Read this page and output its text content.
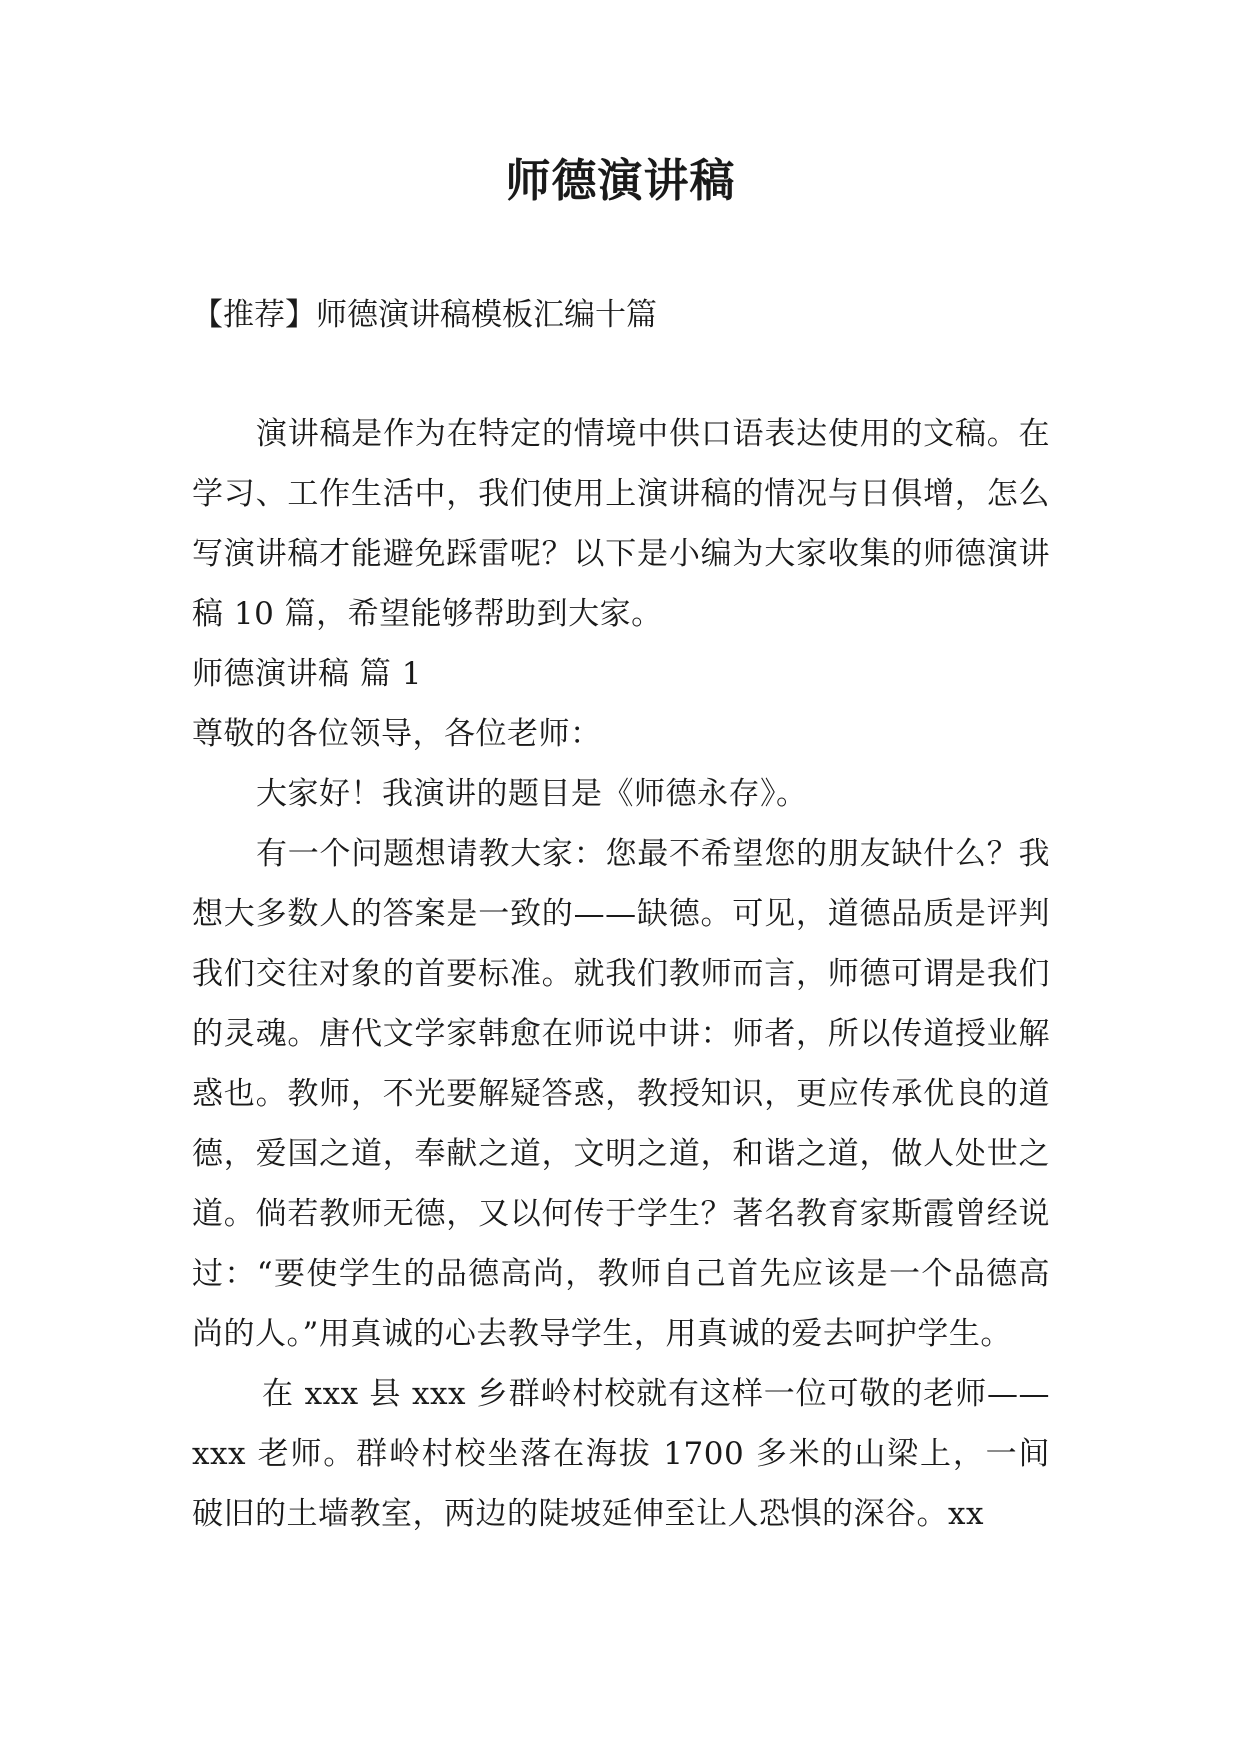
师德演讲稿
【推荐】师德演讲稿模板汇编十篇

演讲稿是作为在特定的情境中供口语表达使用的文稿。在学习、工作生活中，我们使用上演讲稿的情况与日俱增，怎么写演讲稿才能避免踩雷呢？以下是小编为大家收集的师德演讲稿 10 篇，希望能够帮助到大家。

师德演讲稿 篇 1

尊敬的各位领导，各位老师：

大家好！我演讲的题目是《师德永存》。

有一个问题想请教大家：您最不希望您的朋友缺什么？我想大多数人的答案是一致的——缺德。可见，道德品质是评判我们交往对象的首要标准。就我们教师而言，师德可谓是我们的灵魂。唐代文学家韩愈在师说中讲：师者，所以传道授业解惑也。教师，不光要解疑答惑，教授知识，更应传承优良的道德，爱国之道，奉献之道，文明之道，和谐之道，做人处世之道。倘若教师无德，又以何传于学生？著名教育家斯霞曾经说过：“要使学生的品德高尚，教师自己首先应该是一个品德高尚的人。”用真诚的心去教导学生，用真诚的爱去呵护学生。

在 xxx 县 xxx 乡群岭村校就有这样一位可敬的老师——xxx 老师。群岭村校坐落在海拔 1700 多米的山梁上，一间破旧的土墙教室，两边的陡坡延伸至让人恐惧的深谷。xx
